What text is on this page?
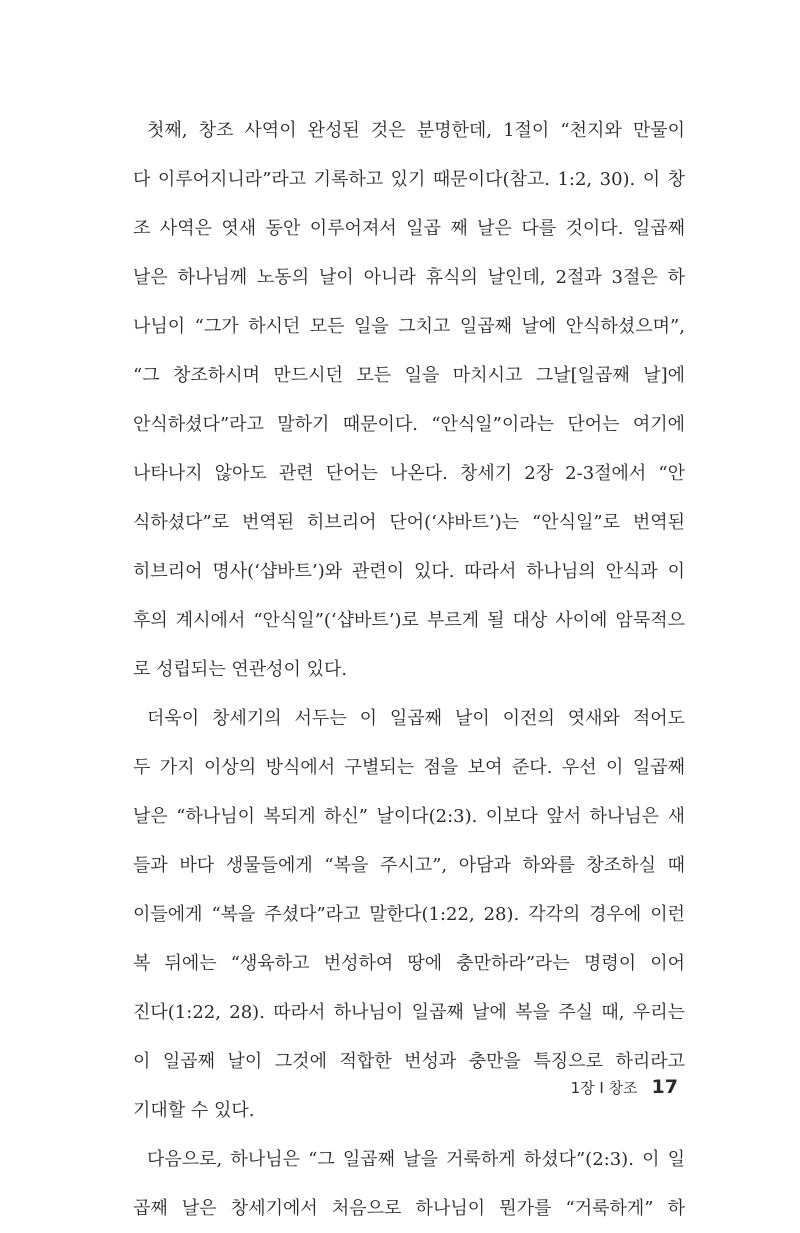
첫째, 창조 사역이 완성된 것은 분명한데, 1절이 “천지와 만물이
다 이루어지니라”라고 기록하고 있기 때문이다(참고. 1:2, 30). 이 창
조 사역은 엿새 동안 이루어져서 일곱 째 날은 다를 것이다. 일곱째
날은 하나님께 노동의 날이 아니라 휴식의 날인데, 2절과 3절은 하
나님이 “그가 하시던 모든 일을 그치고 일곱째 날에 안식하셨으며”,
“그 창조하시며 만드시던 모든 일을 마치시고 그날[일곱째 날]에
안식하셨다”라고 말하기 때문이다. “안식일”이라는 단어는 여기에
나타나지 않아도 관련 단어는 나온다. 창세기 2장 2-3절에서 “안
식하셨다”로 번역된 히브리어 단어(‘샤바트’)는 “안식일”로 번역된
히브리어 명사(‘샵바트’)와 관련이 있다. 따라서 하나님의 안식과 이
후의 계시에서 “안식일”(‘샵바트’)로 부르게 될 대상 사이에 암묵적으
로 성립되는 연관성이 있다.
더욱이 창세기의 서두는 이 일곱째 날이 이전의 엿새와 적어도
두 가지 이상의 방식에서 구별되는 점을 보여 준다. 우선 이 일곱째
날은 “하나님이 복되게 하신” 날이다(2:3). 이보다 앞서 하나님은 새
들과 바다 생물들에게 “복을 주시고”, 아담과 하와를 창조하실 때
이들에게 “복을 주셨다”라고 말한다(1:22, 28). 각각의 경우에 이런
복 뒤에는 “생육하고 번성하여 땅에 충만하라”라는 명령이 이어
진다(1:22, 28). 따라서 하나님이 일곱째 날에 복을 주실 때, 우리는
이 일곱째 날이 그것에 적합한 번성과 충만을 특징으로 하리라고
기대할 수 있다.
다음으로, 하나님은 “그 일곱째 날을 거룩하게 하셨다”(2:3). 이 일
곱째 날은 창세기에서 처음으로 하나님이 뭔가를 “거룩하게” 하
1장 I 창조 17
